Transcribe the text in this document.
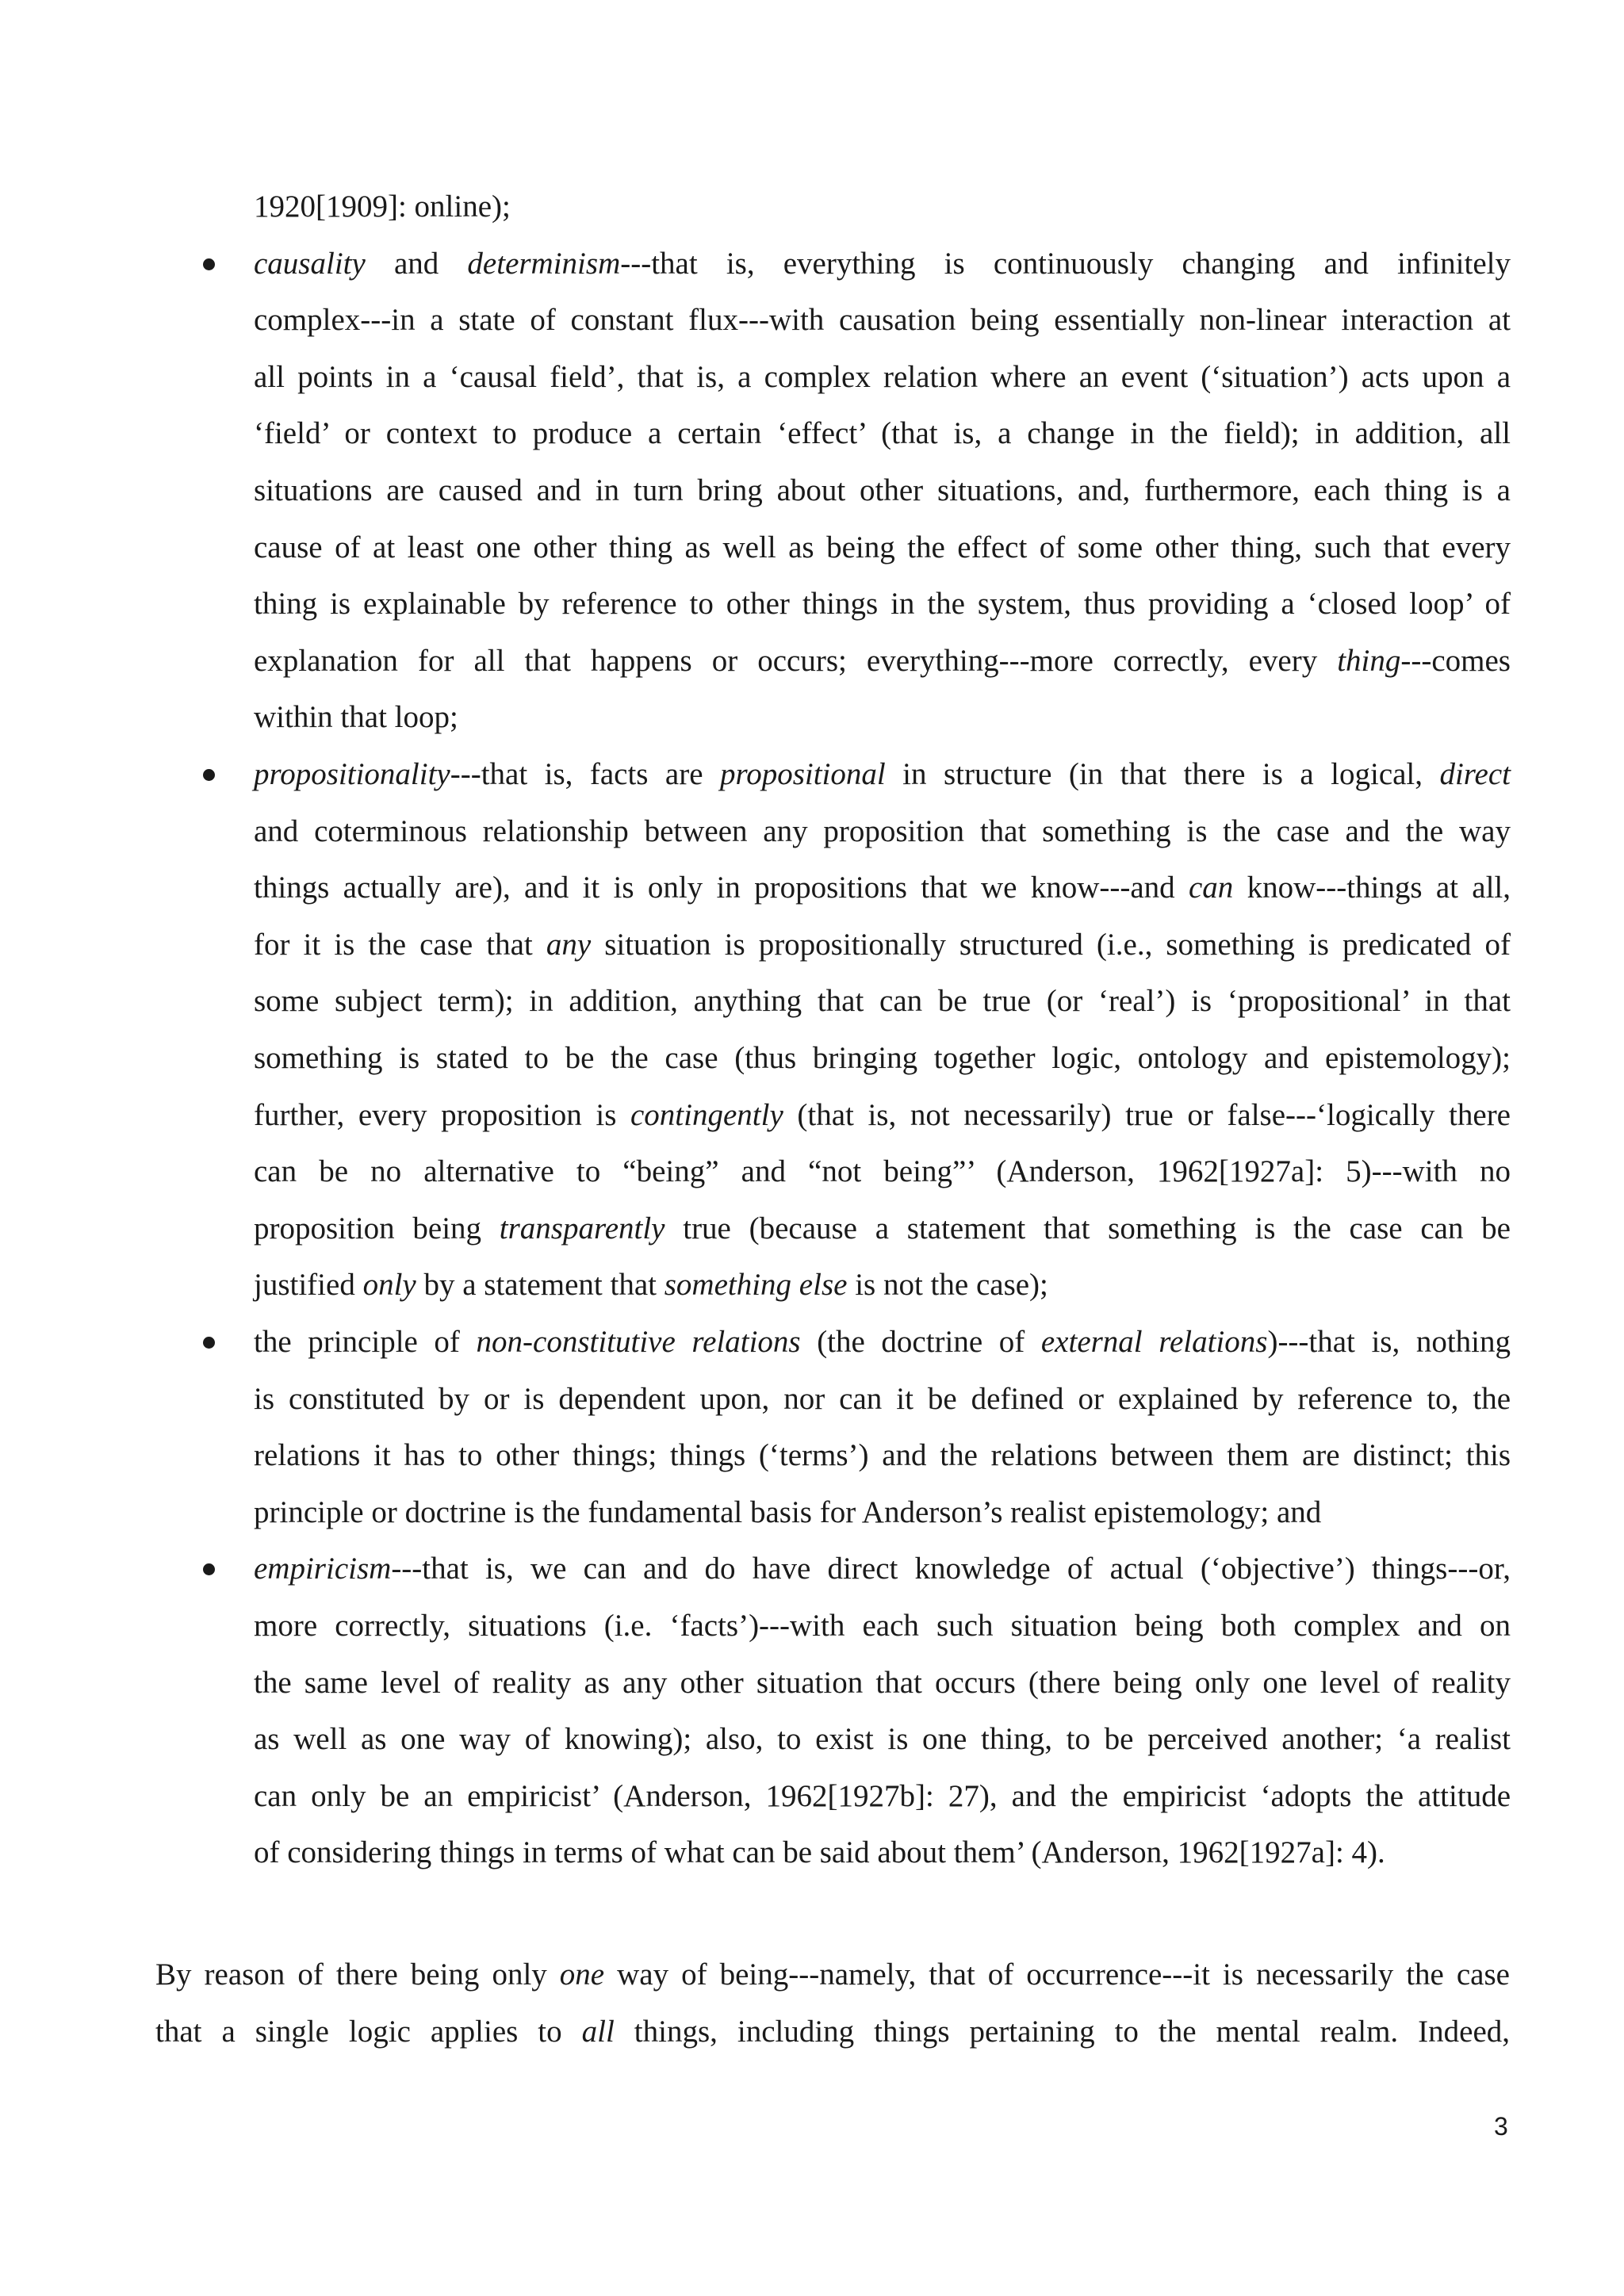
1920[1909]: online);
causality and determinism---that is, everything is continuously changing and infinitely
complex---in a state of constant flux---with causation being essentially non-linear interaction at
all points in a ‘causal field’, that is, a complex relation where an event (‘situation’) acts upon a
‘field’ or context to produce a certain ‘effect’ (that is, a change in the field); in addition, all
situations are caused and in turn bring about other situations, and, furthermore, each thing is a
cause of at least one other thing as well as being the effect of some other thing, such that every
thing is explainable by reference to other things in the system, thus providing a ‘closed loop’ of
explanation for all that happens or occurs; everything---more correctly, every thing---comes
within that loop;
propositionality---that is, facts are propositional in structure (in that there is a logical, direct
and coterminous relationship between any proposition that something is the case and the way
things actually are), and it is only in propositions that we know---and can know---things at all,
for it is the case that any situation is propositionally structured (i.e., something is predicated of
some subject term); in addition, anything that can be true (or ‘real’) is ‘propositional’ in that
something is stated to be the case (thus bringing together logic, ontology and epistemology);
further, every proposition is contingently (that is, not necessarily) true or false---‘logically there
can be no alternative to “being” and “not being”’ (Anderson, 1962[1927a]: 5)---with no
proposition being transparently true (because a statement that something is the case can be
justified only by a statement that something else is not the case);
the principle of non-constitutive relations (the doctrine of external relations)---that is, nothing
is constituted by or is dependent upon, nor can it be defined or explained by reference to, the
relations it has to other things; things (‘terms’) and the relations between them are distinct; this
principle or doctrine is the fundamental basis for Anderson’s realist epistemology; and
empiricism---that is, we can and do have direct knowledge of actual (‘objective’) things---or,
more correctly, situations (i.e. ‘facts’)---with each such situation being both complex and on
the same level of reality as any other situation that occurs (there being only one level of reality
as well as one way of knowing); also, to exist is one thing, to be perceived another; ‘a realist
can only be an empiricist’ (Anderson, 1962[1927b]: 27), and the empiricist ‘adopts the attitude
of considering things in terms of what can be said about them’ (Anderson, 1962[1927a]: 4).
By reason of there being only one way of being---namely, that of occurrence---it is necessarily the case
that a single logic applies to all things, including things pertaining to the mental realm. Indeed,
3
